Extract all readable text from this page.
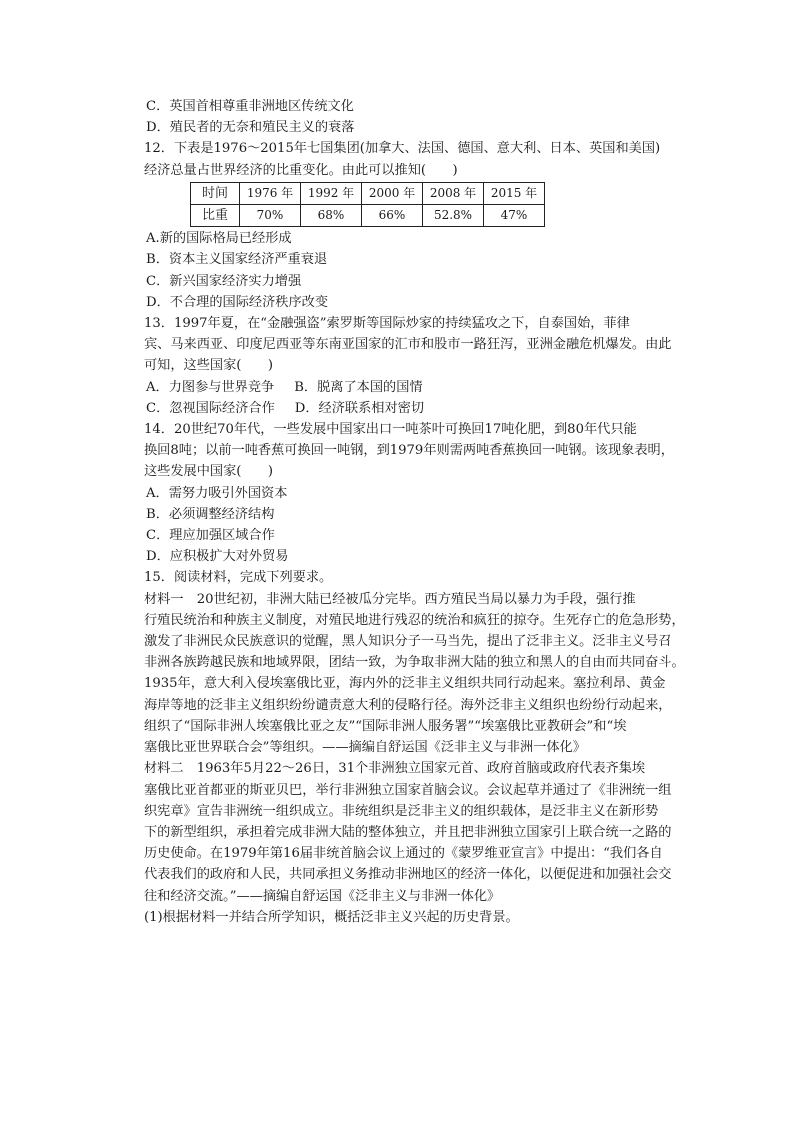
C．英国首相尊重非洲地区传统文化
D．殖民者的无奈和殖民主义的衰落
12．下表是1976～2015年七国集团(加拿大、法国、德国、意大利、日本、英国和美国)
经济总量占世界经济的比重变化。由此可以推知(　　)
时间	1976 年	1992 年	2000 年	2008 年	2015 年
比重	70%	68%	66%	52.8%	47%
A.新的国际格局已经形成
B．资本主义国家经济严重衰退
C．新兴国家经济实力增强
D．不合理的国际经济秩序改变
13．1997年夏，在“金融强盗”索罗斯等国际炒家的持续猛攻之下，自泰国始，菲律
宾、马来西亚、印度尼西亚等东南亚国家的汇市和股市一路狂泻，亚洲金融危机爆发。由此
可知，这些国家(　　)
A．力图参与世界竞争 B．脱离了本国的国情
C．忽视国际经济合作 D．经济联系相对密切
14．20世纪70年代，一些发展中国家出口一吨茶叶可换回17吨化肥，到80年代只能
换回8吨；以前一吨香蕉可换回一吨钢，到1979年则需两吨香蕉换回一吨钢。该现象表明，
这些发展中国家(　　)
A．需努力吸引外国资本
B．必须调整经济结构
C．理应加强区域合作
D．应积极扩大对外贸易
15．阅读材料，完成下列要求。
材料一　20世纪初，非洲大陆已经被瓜分完毕。西方殖民当局以暴力为手段，强行推
行殖民统治和种族主义制度，对殖民地进行残忍的统治和疯狂的掠夺。生死存亡的危急形势，
激发了非洲民众民族意识的觉醒，黑人知识分子一马当先，提出了泛非主义。泛非主义号召
非洲各族跨越民族和地域界限，团结一致，为争取非洲大陆的独立和黑人的自由而共同奋斗。
1935年，意大利入侵埃塞俄比亚，海内外的泛非主义组织共同行动起来。塞拉利昂、黄金
海岸等地的泛非主义组织纷纷谴责意大利的侵略行径。海外泛非主义组织也纷纷行动起来，
组织了“国际非洲人埃塞俄比亚之友”“国际非洲人服务署”“埃塞俄比亚教研会”和“埃
塞俄比亚世界联合会”等组织。——摘编自舒运国《泛非主义与非洲一体化》
材料二　1963年5月22～26日，31个非洲独立国家元首、政府首脑或政府代表齐集埃
塞俄比亚首都亚的斯亚贝巴，举行非洲独立国家首脑会议。会议起草并通过了《非洲统一组
织宪章》宣告非洲统一组织成立。非统组织是泛非主义的组织载体，是泛非主义在新形势
下的新型组织，承担着完成非洲大陆的整体独立，并且把非洲独立国家引上联合统一之路的
历史使命。在1979年第16届非统首脑会议上通过的《蒙罗维亚宣言》中提出：“我们各自
代表我们的政府和人民，共同承担义务推动非洲地区的经济一体化，以便促进和加强社会交
往和经济交流。”——摘编自舒运国《泛非主义与非洲一体化》
(1)根据材料一并结合所学知识，概括泛非主义兴起的历史背景。
